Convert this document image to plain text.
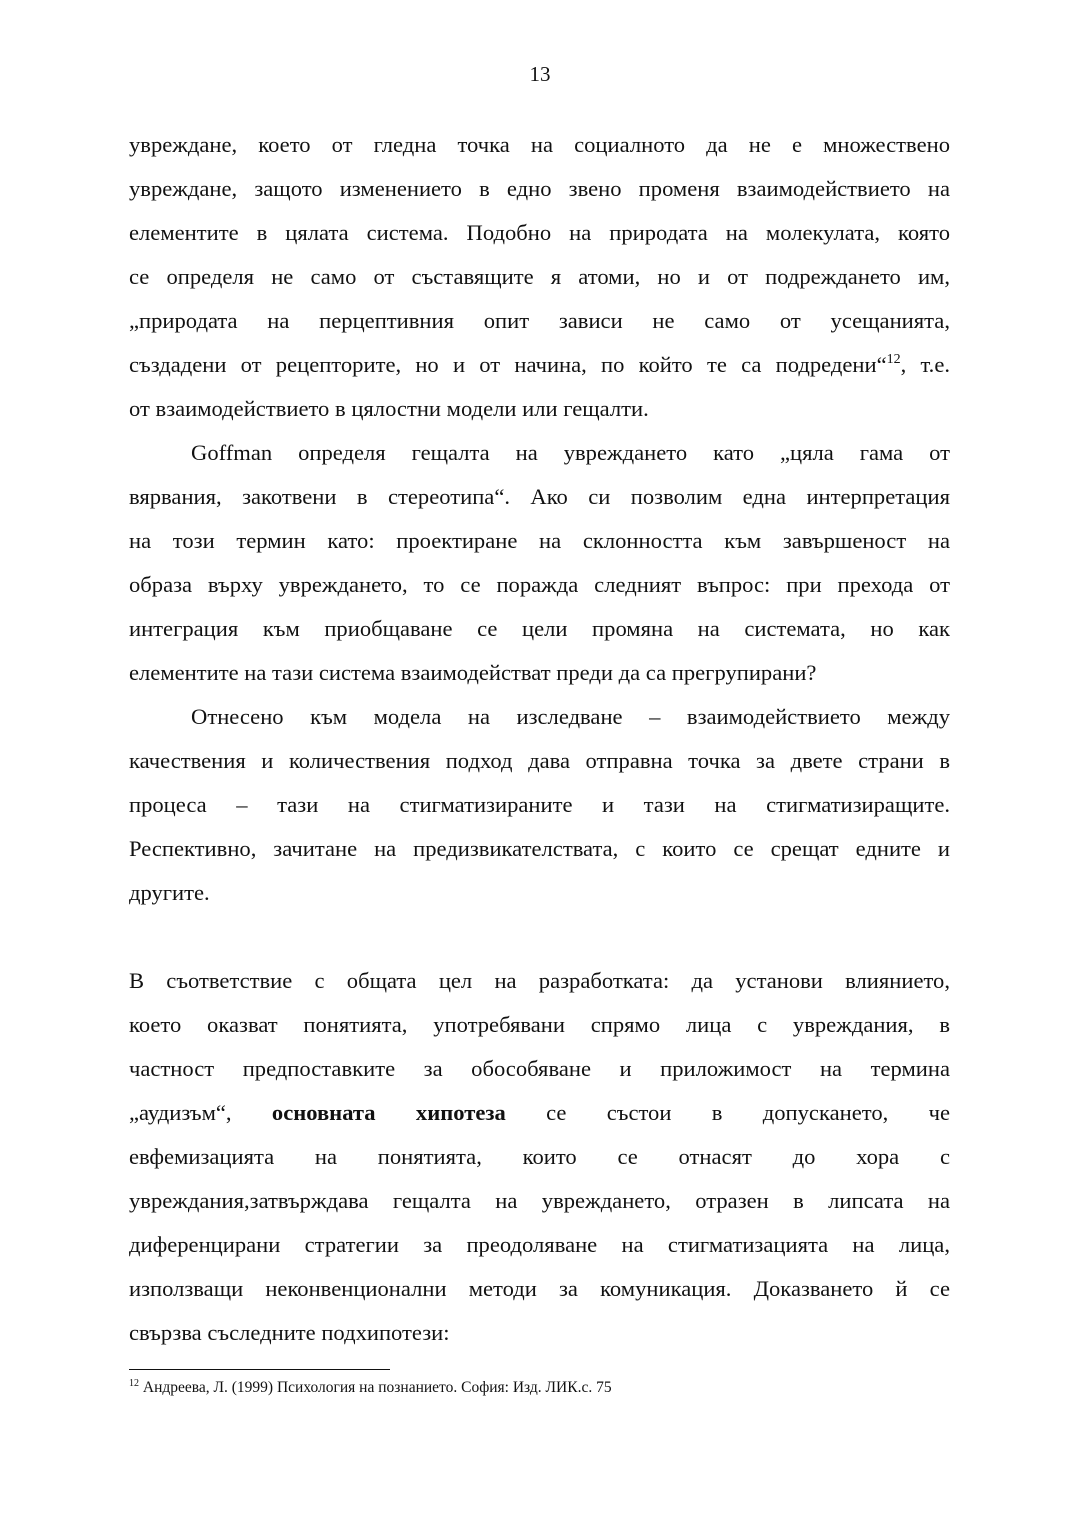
13
увреждане, което от гледна точка на социалното да не е множествено
увреждане, защото изменението в едно звено променя взаимодействието на
елементите в цялата система. Подобно на природата на молекулата, която
се определя не само от съставящите я атоми, но и от подреждането им,
„природата на перцептивния опит зависи не само от усещанията,
създадени от рецепторите, но и от начина, по който те са подредени“$^{12}$, т.е.
от взаимодействието в цялостни модели или гещалти.
Goffman определя гещалта на увреждането като „цяла гама от
вярвания, закотвени в стереотипа“. Ако си позволим една интерпретация
на този термин като: проектиране на склонността към завършеност на
образа върху увреждането, то се поражда следният въпрос: при прехода от
интеграция към приобщаване се цели промяна на системата, но как
елементите на тази система взаимодействат преди да са прегрупирани?
Отнесено към модела на изследване – взаимодействието между
качествения и количествения подход дава отправна точка за двете страни в
процеса – тази на стигматизираните и тази на стигматизиращите.
Респективно, зачитане на предизвикателствата, с които се срещат едните и
другите.
В съответствие с общата цел на разработката: да установи влиянието,
което оказват понятията, употребявани спрямо лица с увреждания, в
частност предпоставките за обособяване и приложимост на термина
„аудизъм“, основната хипотеза се състои в допускането, че
евфемизацията на понятията, които се отнасят до хора с
увреждания,затвърждава гещалта на увреждането, отразен в липсата на
диференцирани стратегии за преодоляване на стигматизацията на лица,
използващи неконвенционални методи за комуникация. Доказването й се
свързва съследните подхипотези:
$^{12}$ Андреева, Л. (1999) Психология на познанието. София: Изд. ЛИК.с. 75
